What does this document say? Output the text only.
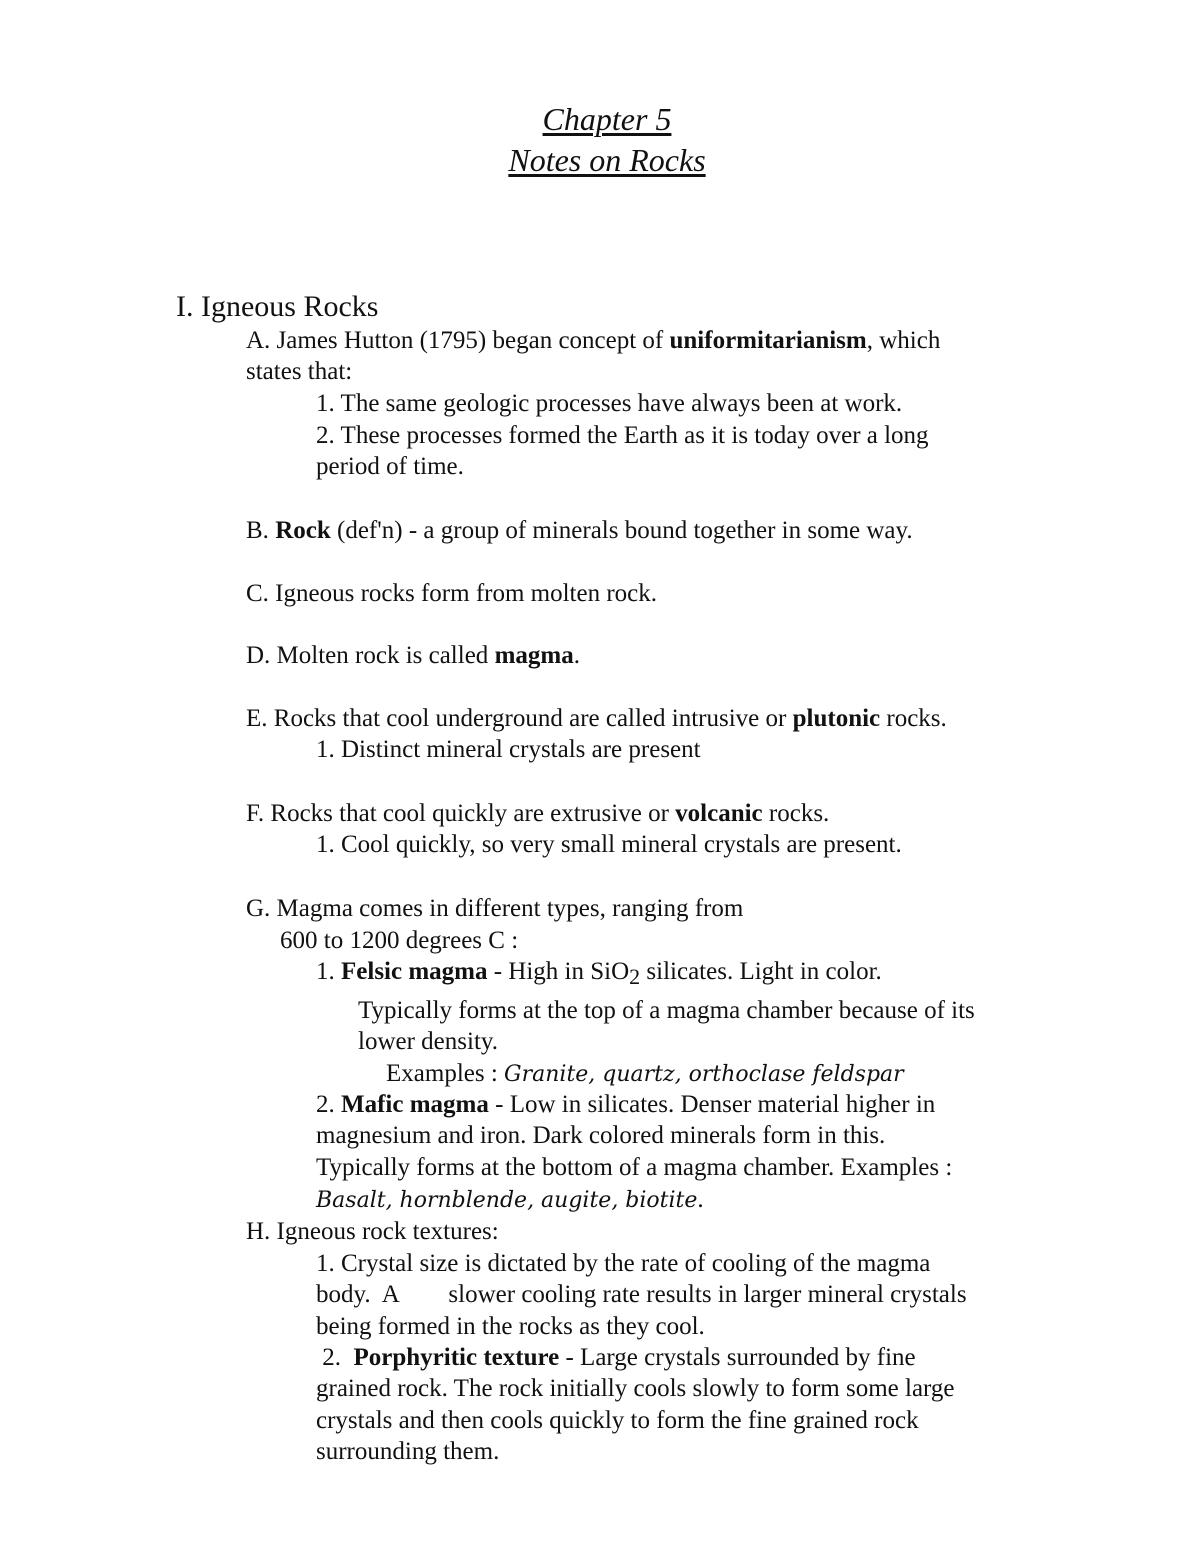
Chapter 5
Notes on Rocks
I. Igneous Rocks
A. James Hutton (1795) began concept of uniformitarianism, which
states that:
1. The same geologic processes have always been at work.
2. These processes formed the Earth as it is today over a long
period of time.
B. Rock (def'n) - a group of minerals bound together in some way.
C. Igneous rocks form from molten rock.
D. Molten rock is called magma.
E. Rocks that cool underground are called intrusive or plutonic rocks.
1. Distinct mineral crystals are present
F. Rocks that cool quickly are extrusive or volcanic rocks.
1. Cool quickly, so very small mineral crystals are present.
G. Magma comes in different types, ranging from
600 to 1200 degrees C :
1. Felsic magma - High in SiO$_2$ silicates. Light in color.
Typically forms at the top of a magma chamber because of its
lower density.
Examples : Granite, quartz, orthoclase feldspar
2. Mafic magma - Low in silicates. Denser material higher in
magnesium and iron. Dark colored minerals form in this.
Typically forms at the bottom of a magma chamber. Examples :
Basalt, hornblende, augite, biotite.
H. Igneous rock textures:
1. Crystal size is dictated by the rate of cooling of the magma
body.  A        slower cooling rate results in larger mineral crystals
being formed in the rocks as they cool.
2.  Porphyritic texture - Large crystals surrounded by fine
grained rock. The rock initially cools slowly to form some large
crystals and then cools quickly to form the fine grained rock
surrounding them.
